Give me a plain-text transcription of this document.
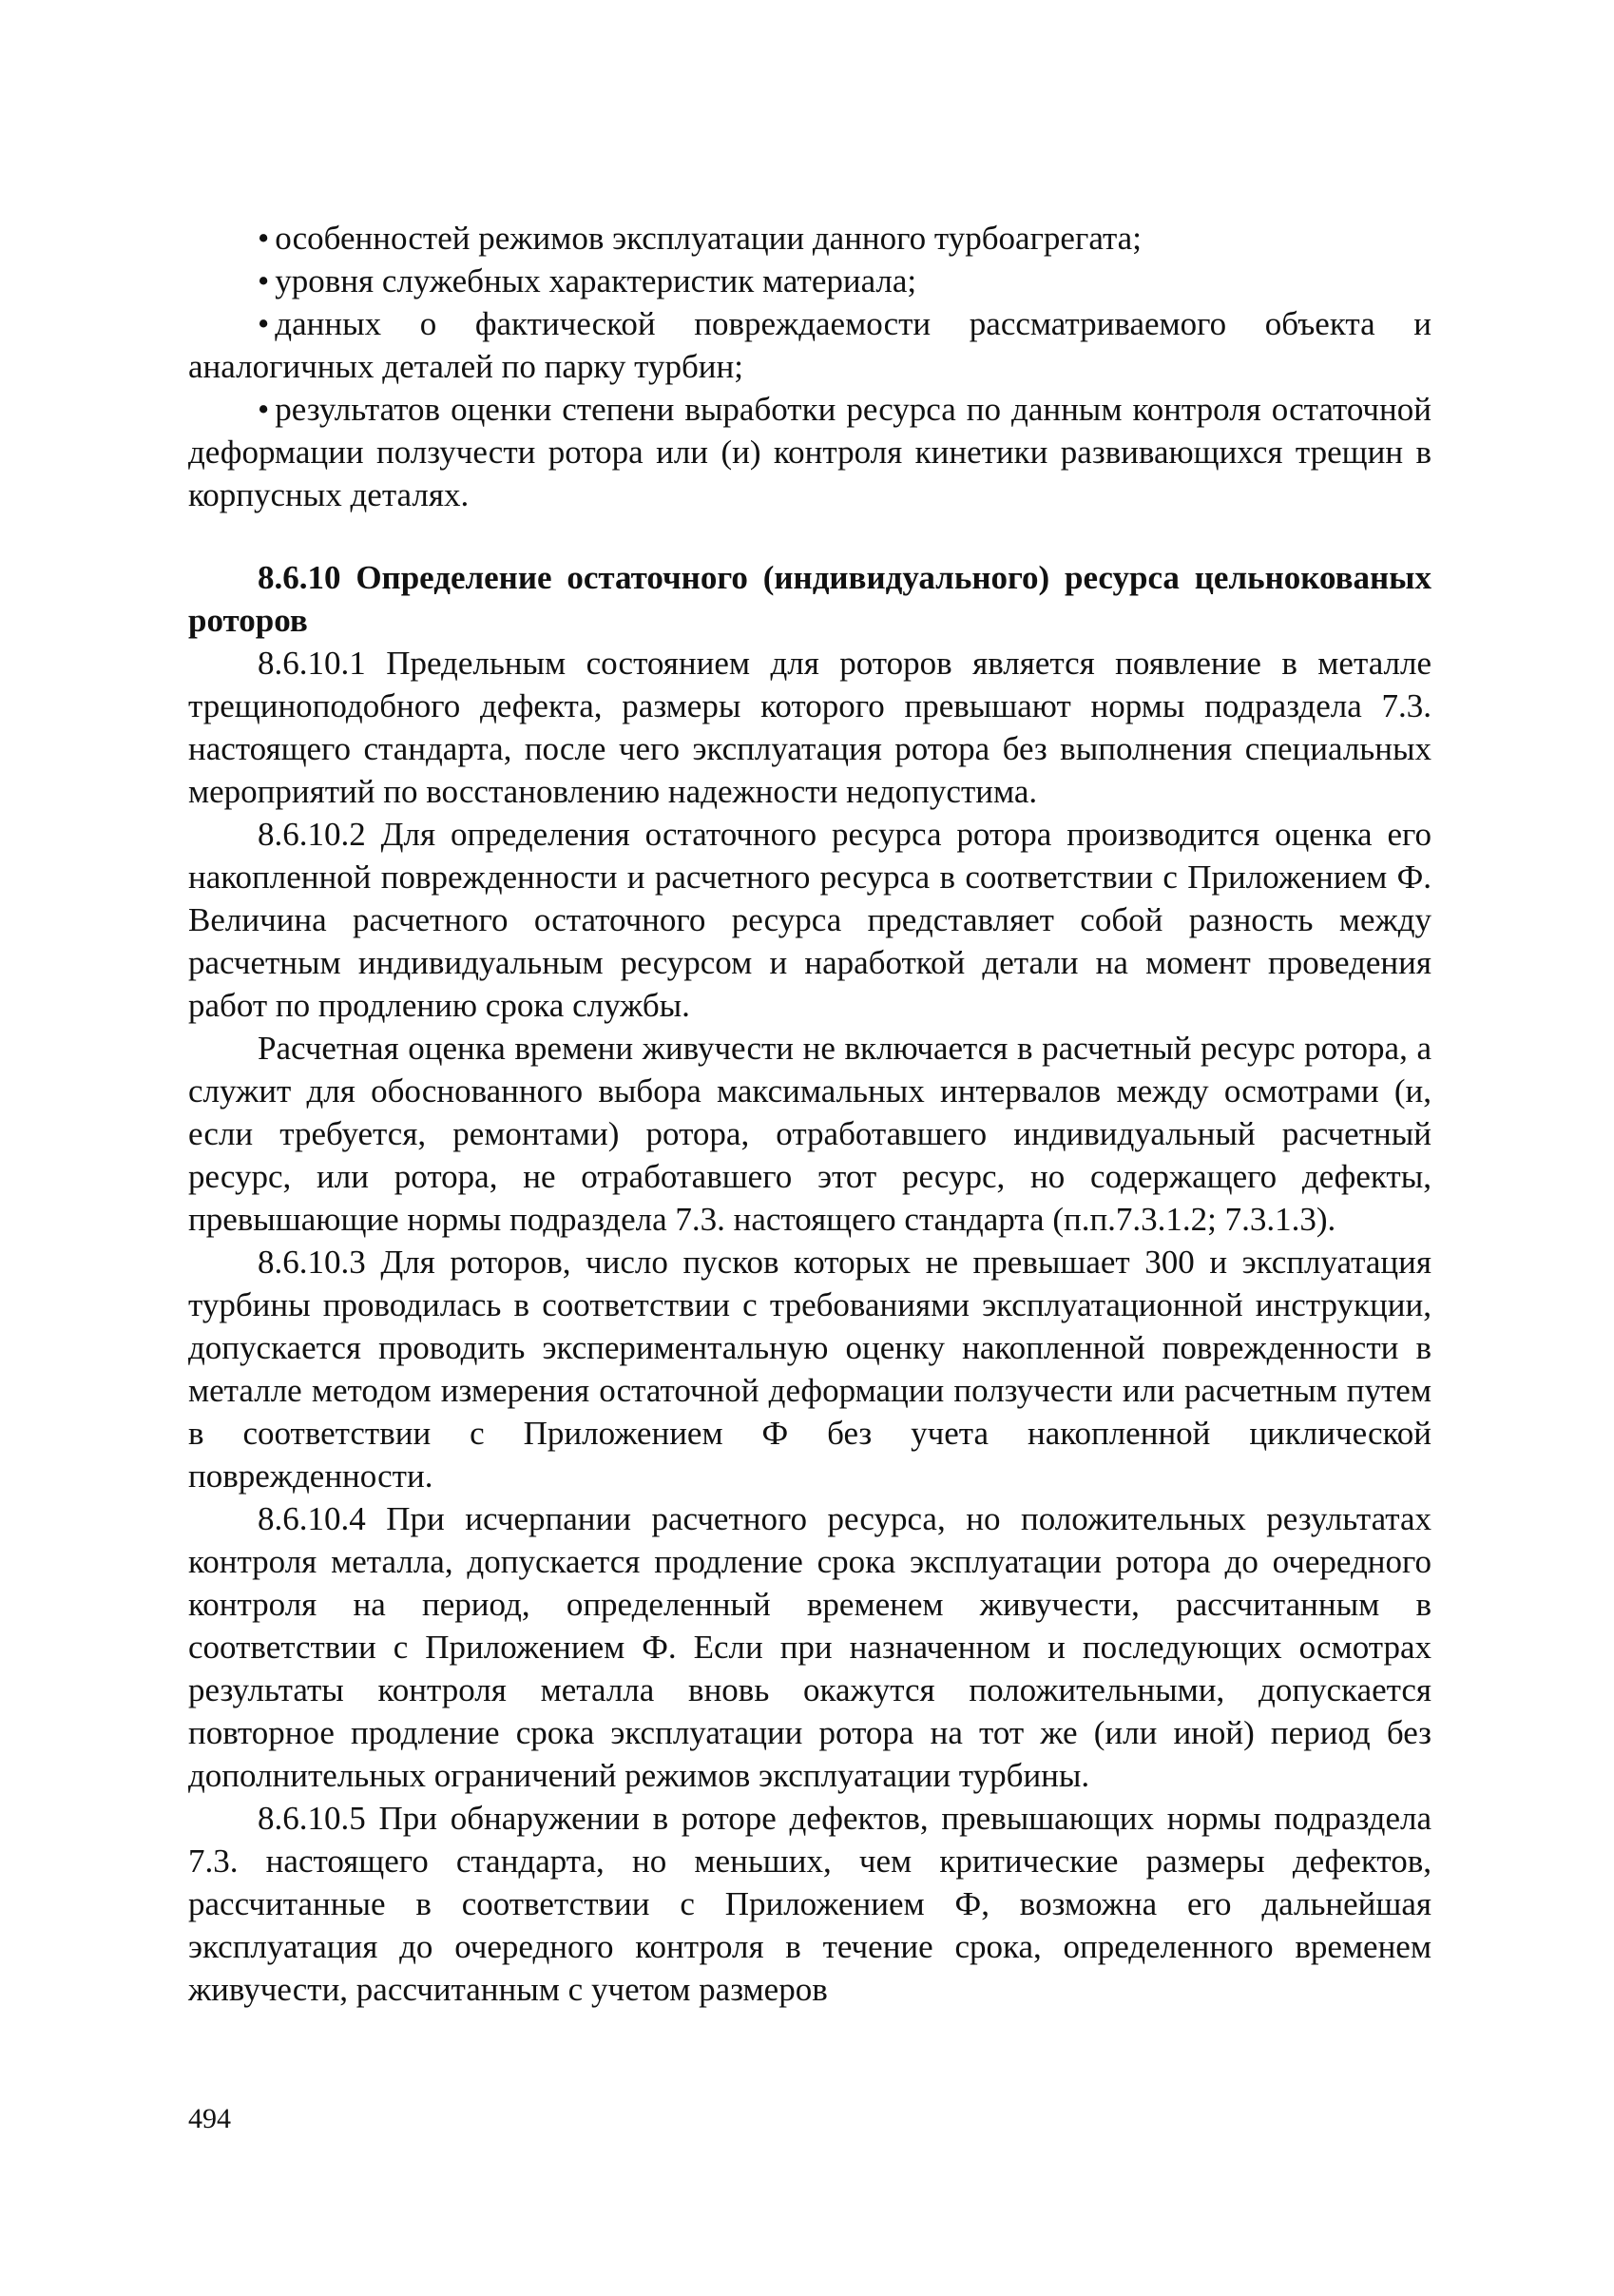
• особенностей режимов эксплуатации данного турбоагрегата;

• уровня служебных характеристик материала;

• данных о фактической повреждаемости рассматриваемого объекта и аналогичных деталей по парку турбин;

• результатов оценки степени выработки ресурса по данным контроля остаточной деформации ползучести ротора или (и) контроля кинетики развивающихся трещин в корпусных деталях.

8.6.10 Определение остаточного (индивидуального) ресурса цельнокованых роторов

8.6.10.1 Предельным состоянием для роторов является появление в металле трещиноподобного дефекта, размеры которого превышают нормы подраздела 7.3. настоящего стандарта, после чего эксплуатация ротора без выполнения специальных мероприятий по восстановлению надежности недопустима.

8.6.10.2 Для определения остаточного ресурса ротора производится оценка его накопленной поврежденности и расчетного ресурса в соответствии с Приложением Ф. Величина расчетного остаточного ресурса представляет собой разность между расчетным индивидуальным ресурсом и наработкой детали на момент проведения работ по продлению срока службы.

Расчетная оценка времени живучести не включается в расчетный ресурс ротора, а служит для обоснованного выбора максимальных интервалов между осмотрами (и, если требуется, ремонтами) ротора, отработавшего индивидуальный расчетный ресурс, или ротора, не отработавшего этот ресурс, но содержащего дефекты, превышающие нормы подраздела 7.3. настоящего стандарта (п.п.7.3.1.2; 7.3.1.3).

8.6.10.3 Для роторов, число пусков которых не превышает 300 и эксплуатация турбины проводилась в соответствии с требованиями эксплуатационной инструкции, допускается проводить экспериментальную оценку накопленной поврежденности в металле методом измерения остаточной деформации ползучести или расчетным путем в соответствии с Приложением Ф без учета накопленной циклической поврежденности.

8.6.10.4 При исчерпании расчетного ресурса, но положительных результатах контроля металла, допускается продление срока эксплуатации ротора до очередного контроля на период, определенный временем живучести, рассчитанным в соответствии с Приложением Ф. Если при назначенном и последующих осмотрах результаты контроля металла вновь окажутся положительными, допускается повторное продление срока эксплуатации ротора на тот же (или иной) период без дополнительных ограничений режимов эксплуатации турбины.

8.6.10.5 При обнаружении в роторе дефектов, превышающих нормы подраздела 7.3. настоящего стандарта, но меньших, чем критические размеры дефектов, рассчитанные в соответствии с Приложением Ф, возможна его дальнейшая эксплуатация до очередного контроля в течение срока, определенного временем живучести, рассчитанным с учетом размеров

494
